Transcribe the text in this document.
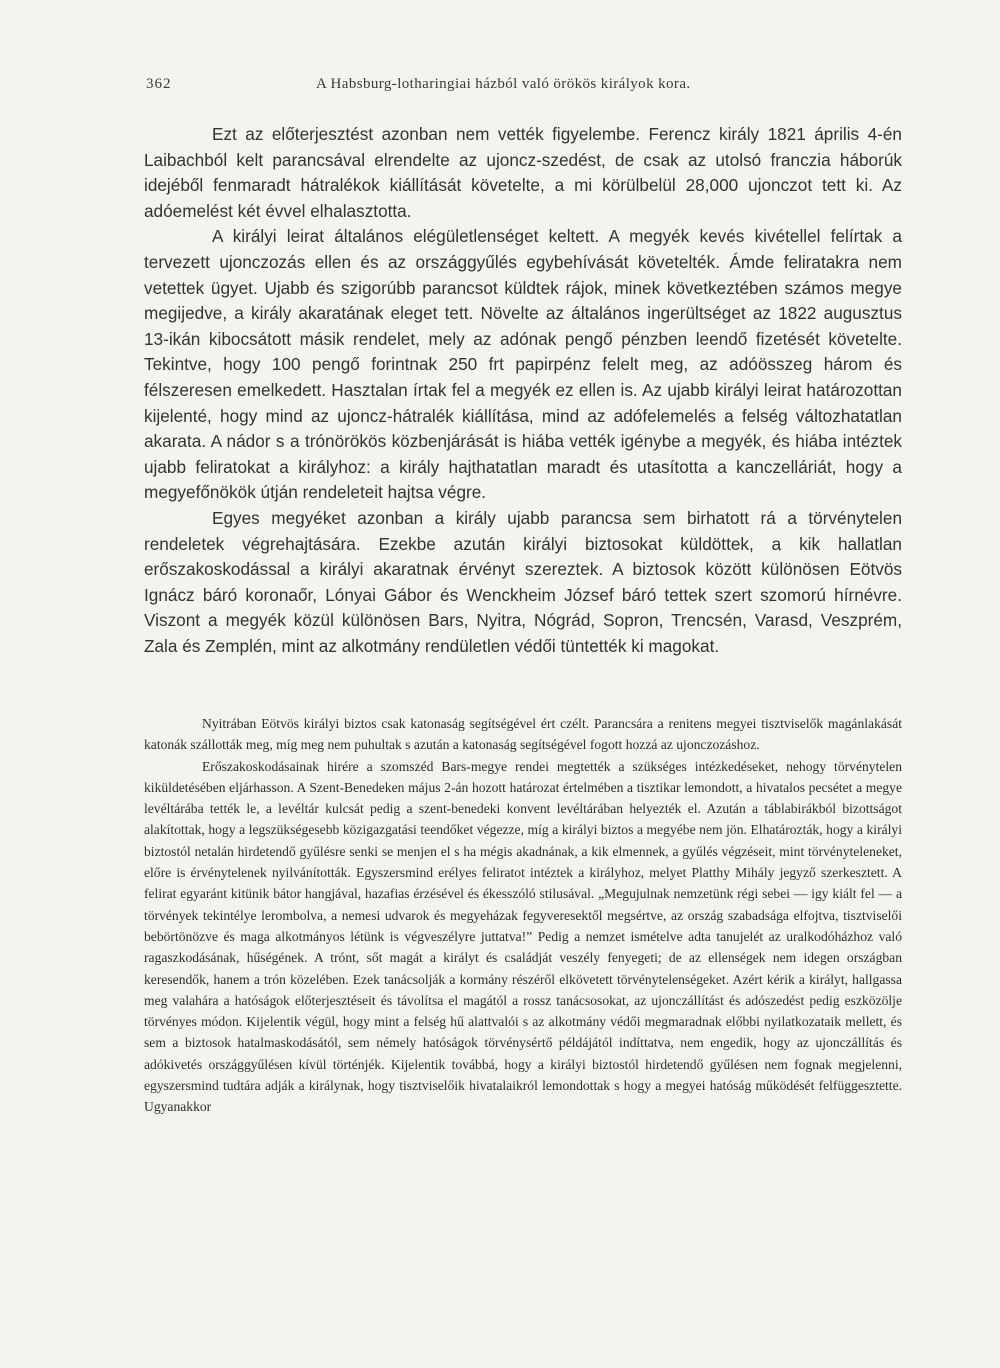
362	A Habsburg-lotharingiai házból való örökös királyok kora.

Ezt az előterjesztést azonban nem vették figyelembe. Ferencz király 1821 április 4-én Laibachból kelt parancsával elrendelte az ujoncz-szedést, de csak az utolsó franczia háborúk idejéből fenmaradt hátralékok kiállítását követelte, a mi körülbelül 28,000 ujonczot tett ki. Az adóemelést két évvel elhalasztotta.

A királyi leirat általános elégületlenséget keltett. A megyék kevés kivétellel felírtak a tervezett ujonczozás ellen és az országgyűlés egybehívását követelték. Ámde feliratakra nem vetettek ügyet. Ujabb és szigorúbb parancsot küldtek rájok, minek következtében számos megye megijedve, a király akaratának eleget tett. Növelte az általános ingerültséget az 1822 augusztus 13-ikán kibocsátott másik rendelet, mely az adónak pengő pénzben leendő fizetését követelte. Tekintve, hogy 100 pengő forintnak 250 frt papirpénz felelt meg, az adóösszeg három és félszeresen emelkedett. Hasztalan írtak fel a megyék ez ellen is. Az ujabb királyi leirat határozottan kijelenté, hogy mind az ujoncz-hátralék kiállítása, mind az adófelemelés a felség változhatatlan akarata. A nádor s a trónörökös közbenjárását is hiába vették igénybe a megyék, és hiába intéztek ujabb feliratokat a királyhoz: a király hajthatatlan maradt és utasította a kanczelláriát, hogy a megyefőnökök útján rendeleteit hajtsa végre.

Egyes megyéket azonban a király ujabb parancsa sem birhatott rá a törvénytelen rendeletek végrehajtására. Ezekbe azután királyi biztosokat küldöttek, a kik hallatlan erőszakoskodással a királyi akaratnak érvényt szereztek. A biztosok között különösen Eötvös Ignácz báró koronaőr, Lónyai Gábor és Wenckheim József báró tettek szert szomorú hírnévre. Viszont a megyék közül különösen Bars, Nyitra, Nógrád, Sopron, Trencsén, Varasd, Veszprém, Zala és Zemplén, mint az alkotmány rendületlen védői tüntették ki magokat.

Nyitrában Eötvös királyi biztos csak katonaság segítségével ért czélt. Parancsára a renitens megyei tisztviselők magánlakását katonák szállották meg, míg meg nem puhultak s azután a katonaság segítségével fogott hozzá az ujonczozáshoz.

Erőszakoskodásainak hirére a szomszéd Bars-megye rendei megtették a szükséges intézkedéseket, nehogy törvénytelen kiküldetésében eljárhasson. A Szent-Benedeken május 2-án hozott határozat értelmében a tisztikar lemondott, a hivatalos pecsétet a megye levéltárába tették le, a levéltár kulcsát pedig a szent-benedeki konvent levéltárában helyezték el. Azután a táblabirákból bizottságot alakítottak, hogy a legszükségesebb közigazgatási teendőket végezze, míg a királyi biztos a megyébe nem jön. Elhatározták, hogy a királyi biztostól netalán hirdetendő gyűlésre senki se menjen el s ha mégis akadnának, a kik elmennek, a gyűlés végzéseit, mint törvényteleneket, előre is érvénytelenek nyilvánították. Egyszersmind erélyes feliratot intéztek a királyhoz, melyet Platthy Mihály jegyző szerkesztett. A felirat egyaránt kitünik bátor hangjával, hazafias érzésével és ékesszóló stilusával. „Megujulnak nemzetünk régi sebei — igy kiált fel — a törvények tekintélye lerombolva, a nemesi udvarok és megyeházak fegyveresektől megsértve, az ország szabadsága elfojtva, tisztviselői bebörtönözve és maga alkotmányos létünk is végveszélyre juttatva!” Pedig a nemzet ismételve adta tanujelét az uralkodóházhoz való ragaszkodásának, hűségének. A trónt, sőt magát a királyt és családját veszély fenyegeti; de az ellenségek nem idegen országban keresendők, hanem a trón közelében. Ezek tanácsolják a kormány részéről elkövetett törvénytelenségeket. Azért kérik a királyt, hallgassa meg valahára a hatóságok előterjesztéseit és távolítsa el magától a rossz tanácsosokat, az ujonczállítást és adószedést pedig eszközölje törvényes módon. Kijelentik végül, hogy mint a felség hű alattvalói s az alkotmány védői megmaradnak előbbi nyilatkozataik mellett, és sem a biztosok hatalmaskodásától, sem némely hatóságok törvénysértő példájától indíttatva, nem engedik, hogy az ujonczállítás és adókivetés országgyűlésen kívül történjék. Kijelentik továbbá, hogy a királyi biztostól hirdetendő gyűlésen nem fognak megjelenni, egyszersmind tudtára adják a királynak, hogy tisztviselőik hivatalaikról lemondottak s hogy a megyei hatóság működését felfüggesztette. Ugyanakkor
